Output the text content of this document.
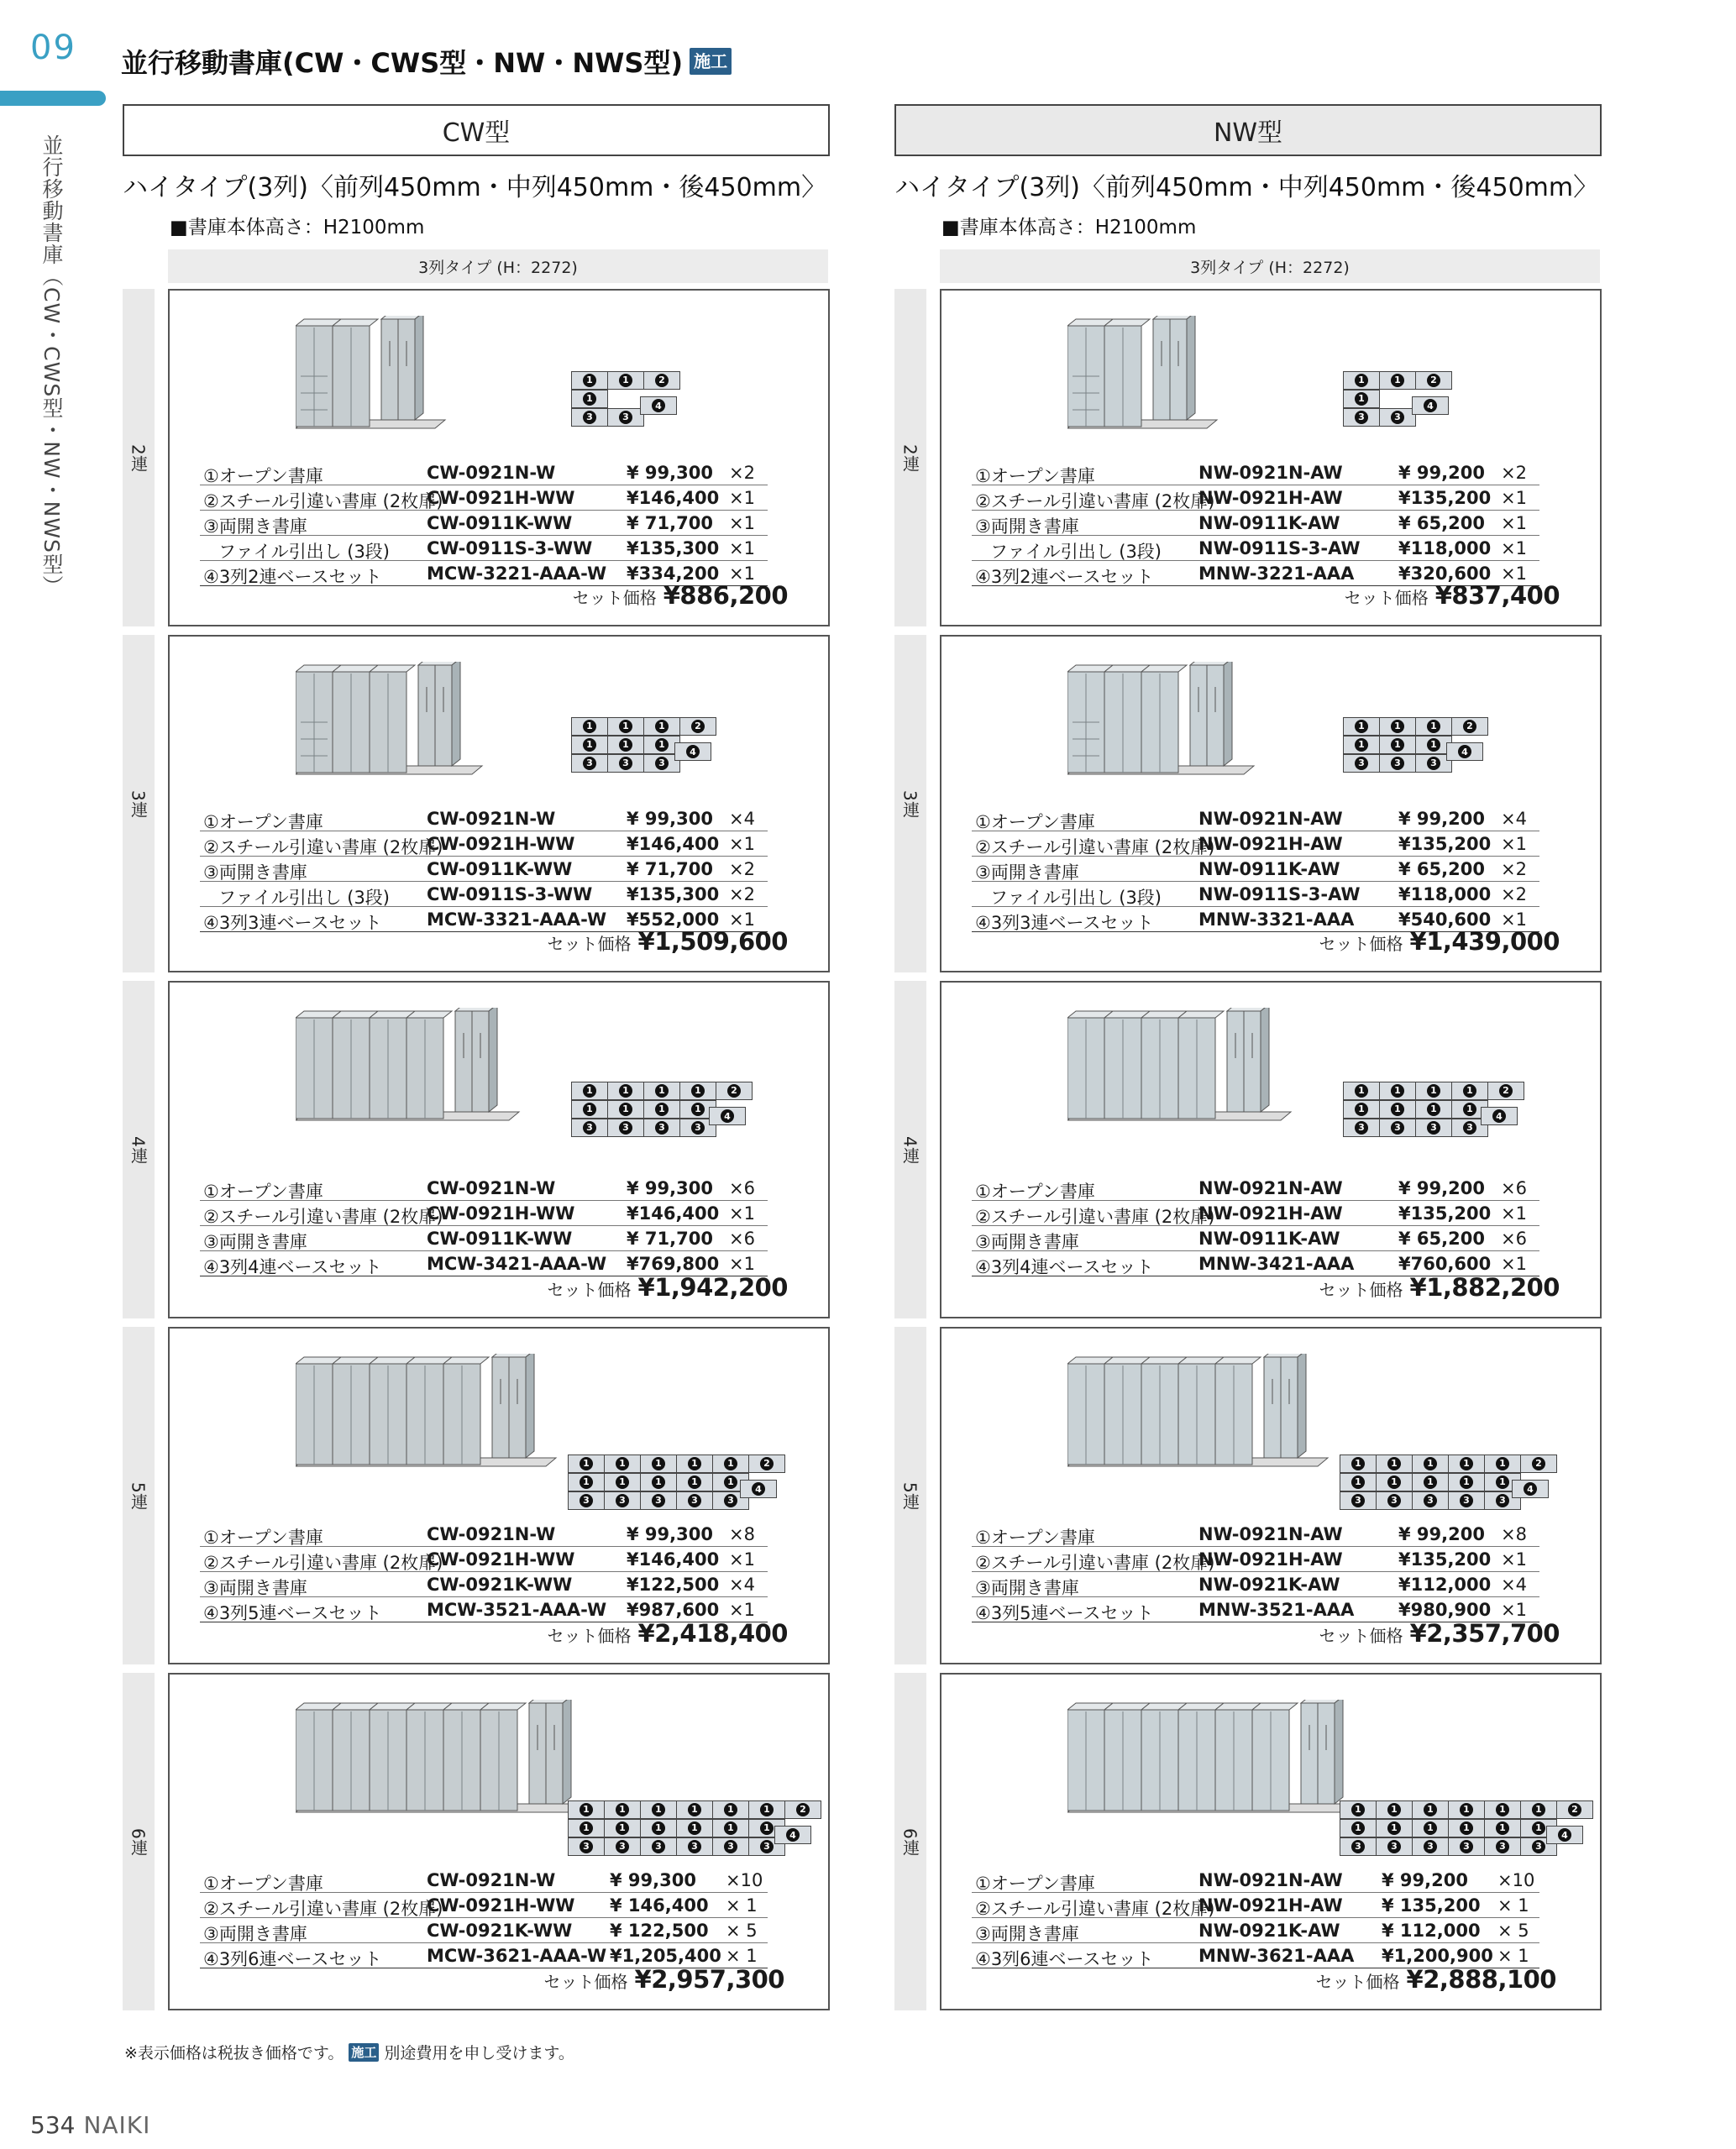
09
並行移動書庫（CW・CWS型・NW・NWS型）
並行移動書庫(CW・CWS型・NW・NWS型) 施工
CW型
ハイタイプ(3列)〈前列450mm・中列450mm・後450mm〉
■書庫本体高さ：H2100mm
3列タイプ (H：2272)
2連
1	1	2
1
3	3
4
①オープン書庫	CW-0921N-W	¥ 99,300 ×2
②スチール引違い書庫 (2枚扉)
CW-0921H-WW	¥146,400 ×1
③両開き書庫	CW-0911K-WW	¥ 71,700 ×1
ファイル引出し (3段) CW-0911S-3-WW ¥135,300 ×1
④3列2連ベースセット	MCW-3221-AAA-W ¥334,200 ×1
セット価格 ¥886,200
3連
1	1	1	2
1	1	1
3	3	3
4
①オープン書庫	CW-0921N-W	¥ 99,300 ×4
②スチール引違い書庫 (2枚扉)
CW-0921H-WW	¥146,400 ×1
③両開き書庫	CW-0911K-WW	¥ 71,700 ×2
ファイル引出し (3段) CW-0911S-3-WW ¥135,300 ×2
④3列3連ベースセット	MCW-3321-AAA-W ¥552,000 ×1
セット価格 ¥1,509,600
4連
1	1	1	1	2
1	1	1	1
3	3	3	3
4
①オープン書庫	CW-0921N-W	¥ 99,300 ×6
②スチール引違い書庫 (2枚扉)
CW-0921H-WW	¥146,400 ×1
③両開き書庫	CW-0911K-WW	¥ 71,700 ×6
④3列4連ベースセット	MCW-3421-AAA-W ¥769,800 ×1
セット価格 ¥1,942,200
5連
1	1	1	1	1	2
1	1	1	1	1
3	3	3	3	3
4
①オープン書庫	CW-0921N-W	¥ 99,300 ×8
②スチール引違い書庫 (2枚扉)
CW-0921H-WW	¥146,400 ×1
③両開き書庫	CW-0921K-WW	¥122,500 ×4
④3列5連ベースセット	MCW-3521-AAA-W ¥987,600 ×1
セット価格 ¥2,418,400
6連
1	1	1	1	1	1	2
1	1	1	1	1	1
3	3	3	3	3	3
4
①オープン書庫	CW-0921N-W	¥ 99,300 ×10
②スチール引違い書庫 (2枚扉)
CW-0921H-WW ¥ 146,400 × 1
③両開き書庫	CW-0921K-WW ¥ 122,500 × 5
④3列6連ベースセット	MCW-3621-AAA-W ¥1,205,400 × 1
セット価格 ¥2,957,300
NW型
ハイタイプ(3列)〈前列450mm・中列450mm・後450mm〉
■書庫本体高さ：H2100mm
3列タイプ (H：2272)
2連
1	1	2
1
3	3
4
①オープン書庫	NW-0921N-AW	¥ 99,200 ×2
②スチール引違い書庫 (2枚扉)
NW-0921H-AW	¥135,200 ×1
③両開き書庫	NW-0911K-AW	¥ 65,200 ×1
ファイル引出し (3段) NW-0911S-3-AW ¥118,000 ×1
④3列2連ベースセット	MNW-3221-AAA	¥320,600 ×1
セット価格 ¥837,400
3連
1	1	1	2
1	1	1
3	3	3
4
①オープン書庫	NW-0921N-AW	¥ 99,200 ×4
②スチール引違い書庫 (2枚扉)
NW-0921H-AW	¥135,200 ×1
③両開き書庫	NW-0911K-AW	¥ 65,200 ×2
ファイル引出し (3段) NW-0911S-3-AW ¥118,000 ×2
④3列3連ベースセット	MNW-3321-AAA	¥540,600 ×1
セット価格 ¥1,439,000
4連
1	1	1	1	2
1	1	1	1
3	3	3	3
4
①オープン書庫	NW-0921N-AW	¥ 99,200 ×6
②スチール引違い書庫 (2枚扉)
NW-0921H-AW	¥135,200 ×1
③両開き書庫	NW-0911K-AW	¥ 65,200 ×6
④3列4連ベースセット	MNW-3421-AAA	¥760,600 ×1
セット価格 ¥1,882,200
5連
1	1	1	1	1	2
1	1	1	1	1
3	3	3	3	3
4
①オープン書庫	NW-0921N-AW	¥ 99,200 ×8
②スチール引違い書庫 (2枚扉)
NW-0921H-AW	¥135,200 ×1
③両開き書庫	NW-0921K-AW	¥112,000 ×4
④3列5連ベースセット	MNW-3521-AAA	¥980,900 ×1
セット価格 ¥2,357,700
6連
1	1	1	1	1	1	2
1	1	1	1	1	1
3	3	3	3	3	3
4
①オープン書庫	NW-0921N-AW ¥ 99,200 ×10
②スチール引違い書庫 (2枚扉)
NW-0921H-AW ¥ 135,200 × 1
③両開き書庫	NW-0921K-AW ¥ 112,000 × 5
④3列6連ベースセット	MNW-3621-AAA ¥1,200,900 × 1
セット価格 ¥2,888,100
※表示価格は税抜き価格です。 施工 別途費用を申し受けます。
534 NAIKI
